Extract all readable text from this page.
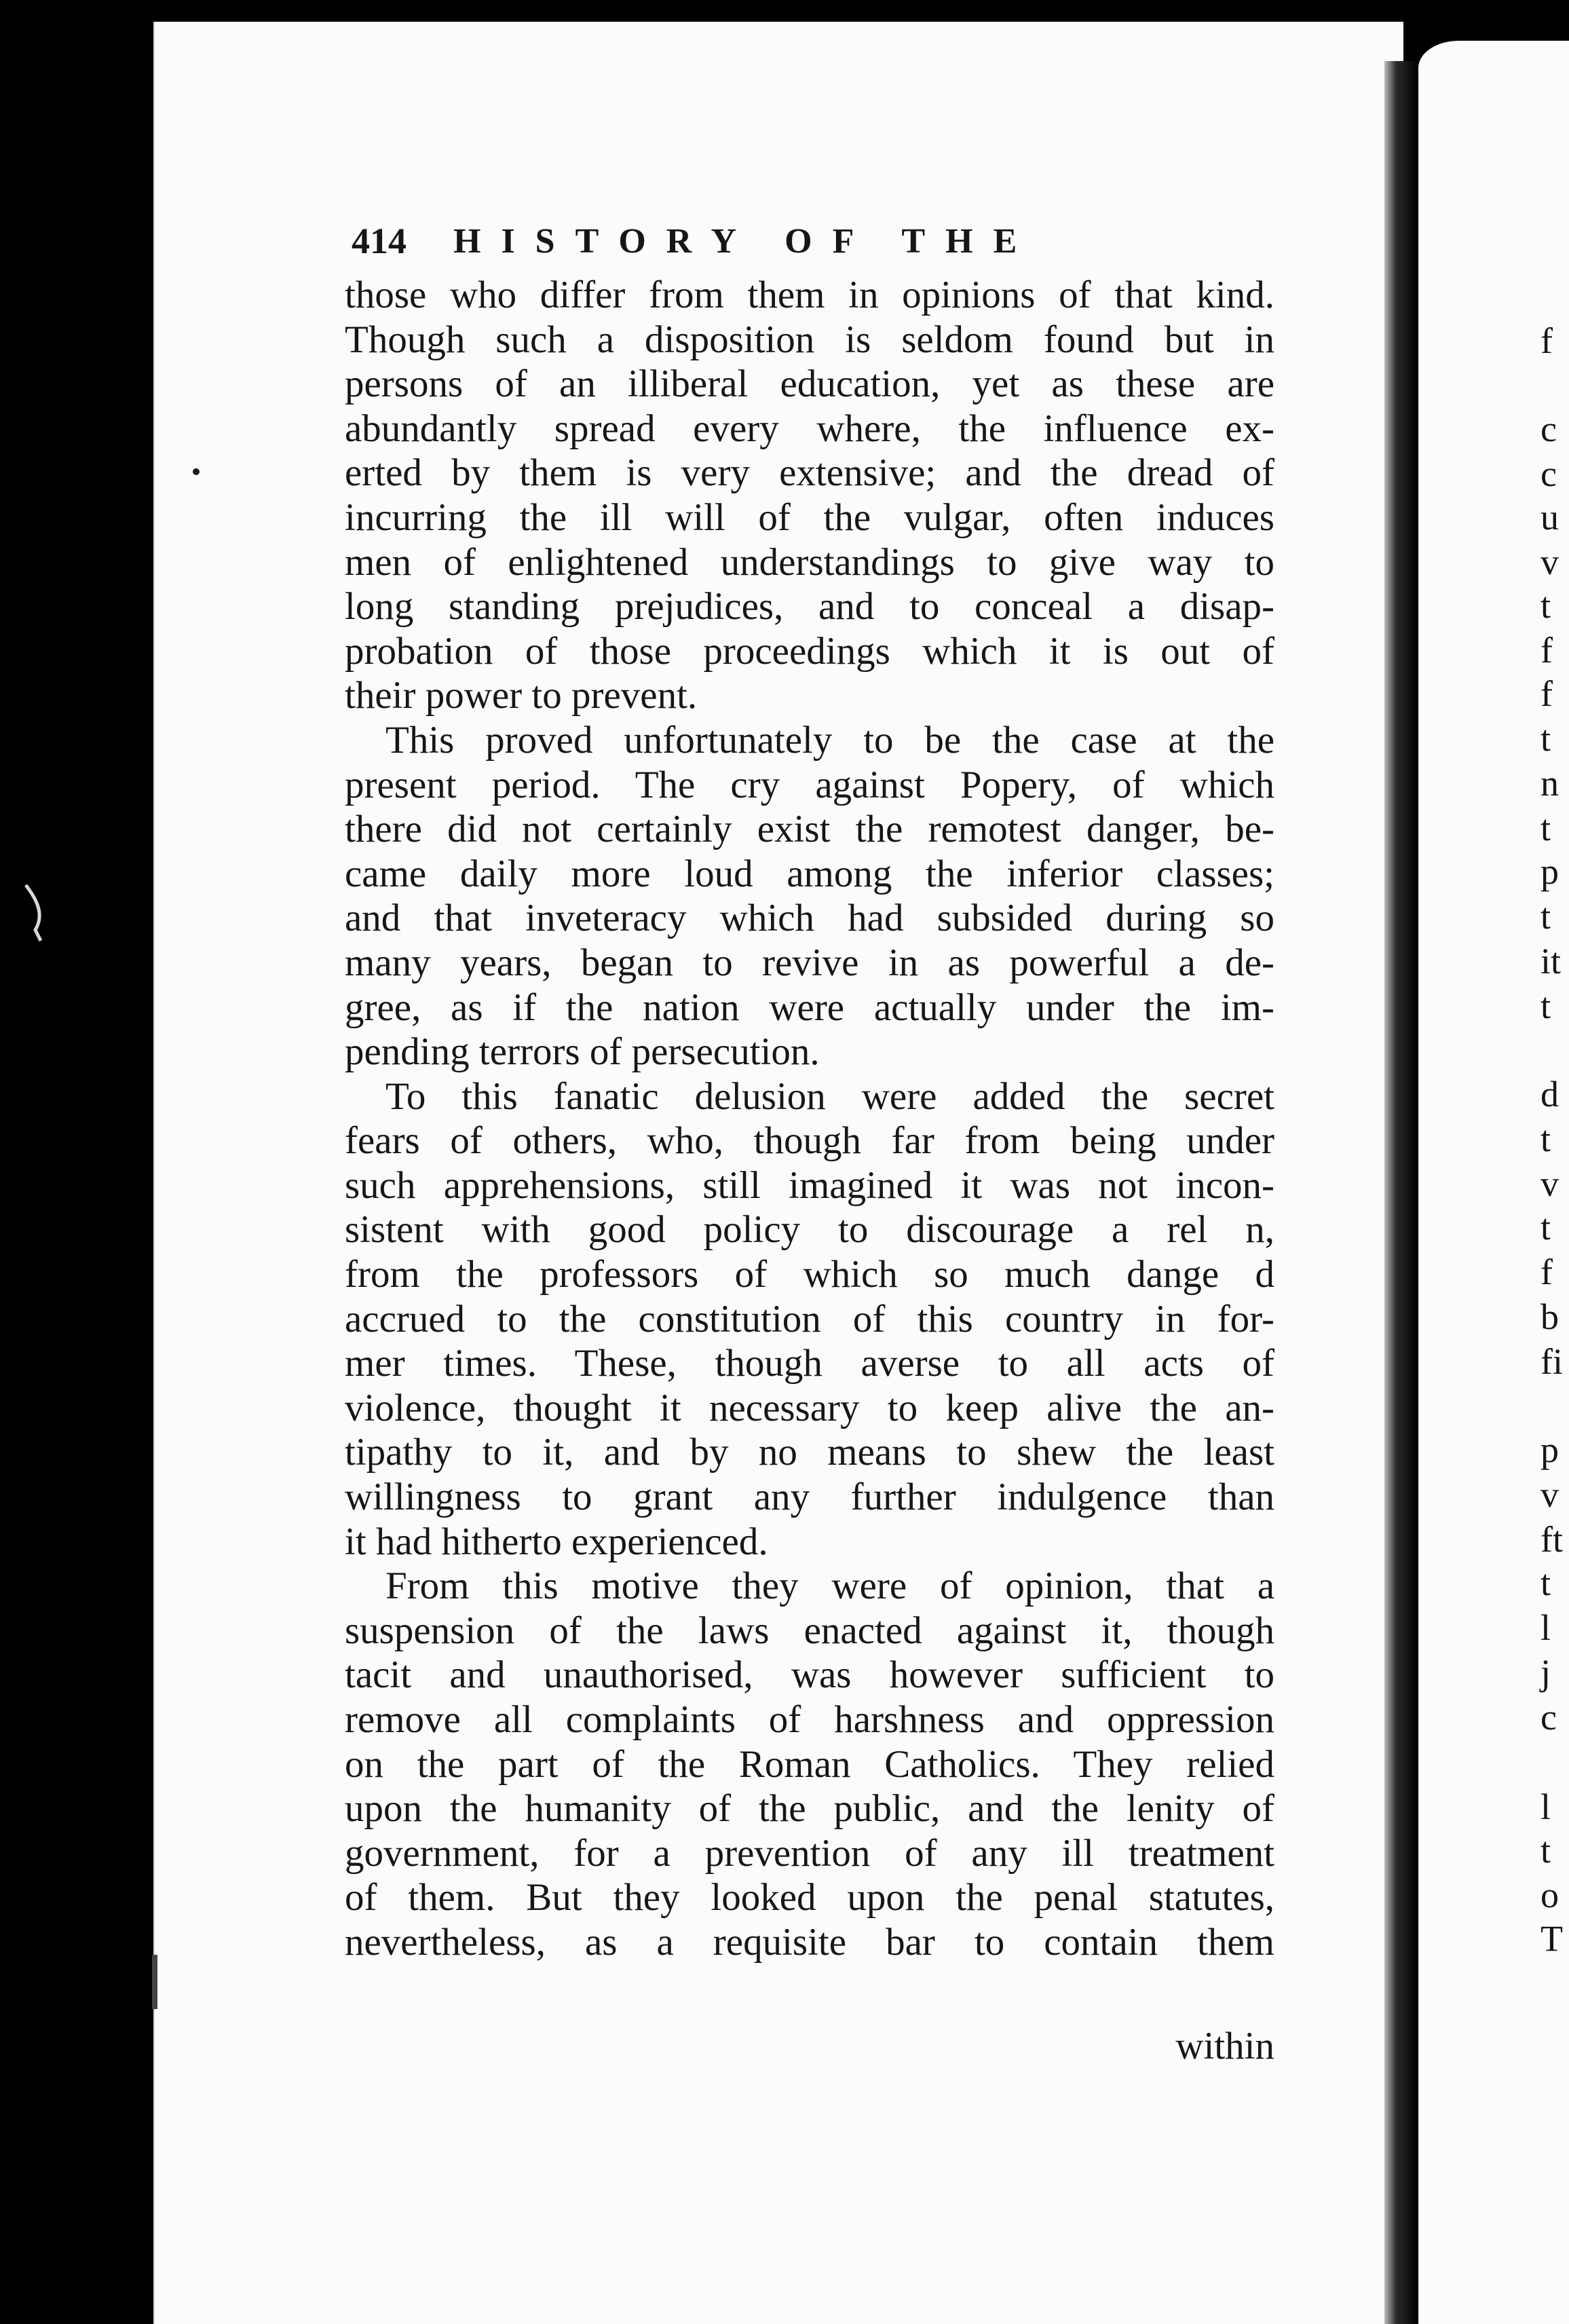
414	HISTORY OF THE
those who differ from them in opinions of that kind.
Though such a disposition is seldom found but in
persons of an illiberal education, yet as these are
abundantly spread every where, the influence ex-
erted by them is very extensive; and the dread of
incurring the ill will of the vulgar, often induces
men of enlightened understandings to give way to
long standing prejudices, and to conceal a disap-
probation of those proceedings which it is out of
their power to prevent.
This proved unfortunately to be the case at the
present period. The cry against Popery, of which
there did not certainly exist the remotest danger, be-
came daily more loud among the inferior classes;
and that inveteracy which had subsided during so
many years, began to revive in as powerful a de-
gree, as if the nation were actually under the im-
pending terrors of persecution.
To this fanatic delusion were added the secret
fears of others, who, though far from being under
such apprehensions, still imagined it was not incon-
sistent with good policy to discourage a rel n,
from the professors of which so much dange d
accrued to the constitution of this country in for-
mer times. These, though averse to all acts of
violence, thought it necessary to keep alive the an-
tipathy to it, and by no means to shew the least
willingness to grant any further indulgence than
it had hitherto experienced.
From this motive they were of opinion, that a
suspension of the laws enacted against it, though
tacit and unauthorised, was however sufficient to
remove all complaints of harshness and oppression
on the part of the Roman Catholics. They relied
upon the humanity of the public, and the lenity of
government, for a prevention of any ill treatment
of them. But they looked upon the penal statutes,
nevertheless, as a requisite bar to contain them
within
f
c
c
u
v
t
f
f
t
n
t
p
t
it
t
d
t
v
t
f
b
fi
p
v
ft
t
l
j
c
l
t
o
T
